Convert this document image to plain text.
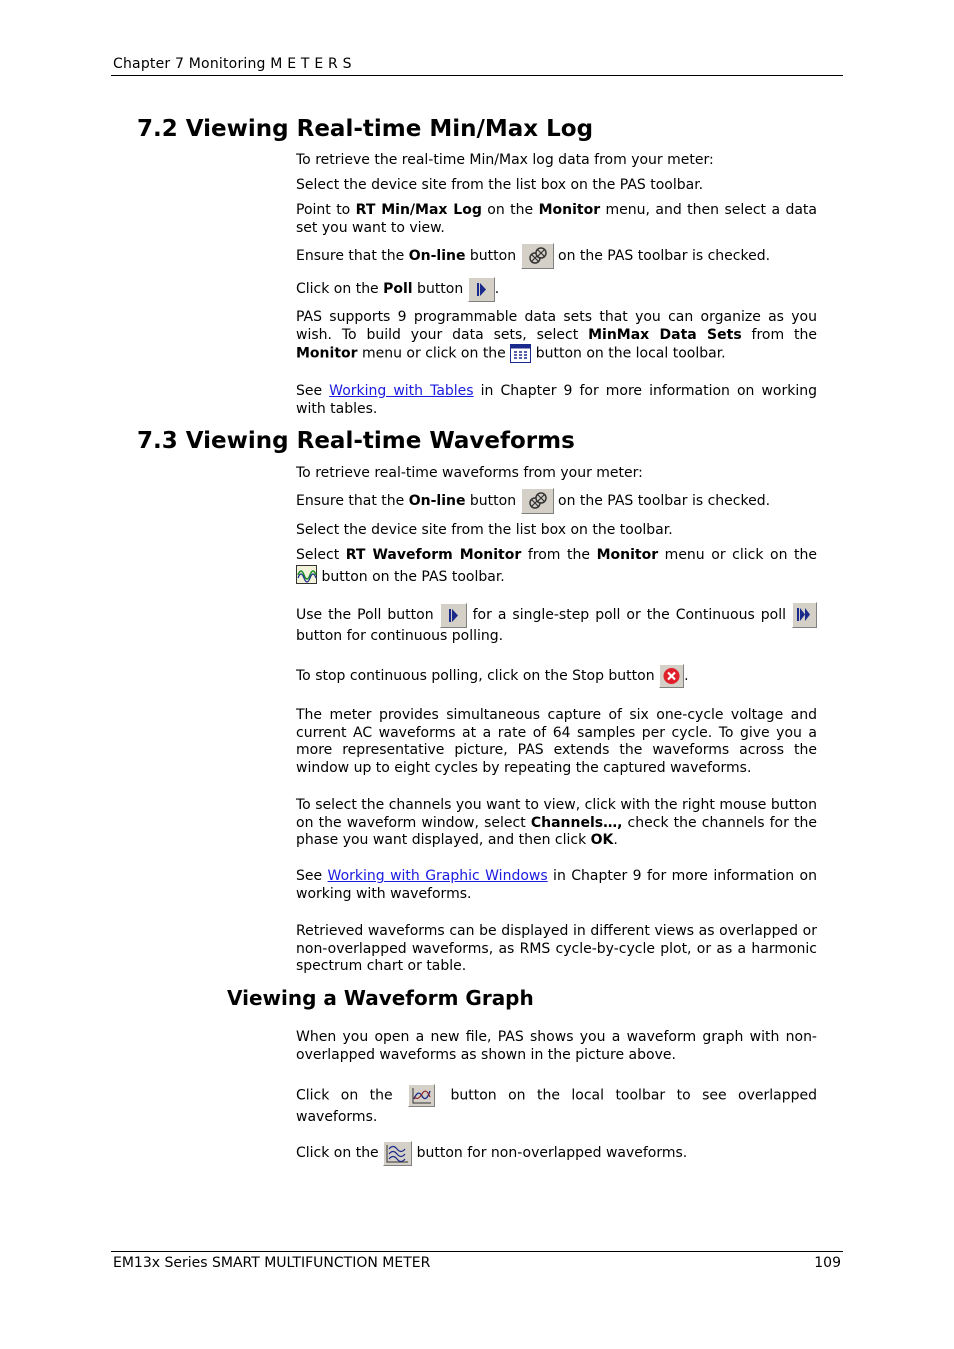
Chapter 7 Monitoring M E T E R S
7.2 Viewing Real-time Min/Max Log
To retrieve the real-time Min/Max log data from your meter:
Select the device site from the list box on the PAS toolbar.
Point to RT Min/Max Log on the Monitor menu, and then select a data set you want to view.
Ensure that the On-line button
on the PAS toolbar is checked.
Click on the Poll button
.
PAS supports 9 programmable data sets that you can organize as you wish. To build your data sets, select MinMax Data Sets from the Monitor menu or click on the
button on the local toolbar.
See Working with Tables in Chapter 9 for more information on working with tables.
7.3 Viewing Real-time Waveforms
To retrieve real-time waveforms from your meter:
Ensure that the On-line button
on the PAS toolbar is checked.
Select the device site from the list box on the toolbar.
Select RT Waveform Monitor from the Monitor menu or click on the
button on the PAS toolbar.
Use the Poll button
for a single-step poll or the Continuous poll
button for continuous polling.
To stop continuous polling, click on the Stop button
.
The meter provides simultaneous capture of six one-cycle voltage and current AC waveforms at a rate of 64 samples per cycle. To give you a more representative picture, PAS extends the waveforms across the window up to eight cycles by repeating the captured waveforms.
To select the channels you want to view, click with the right mouse button on the waveform window, select Channels…, check the channels for the phase you want displayed, and then click OK.
See Working with Graphic Windows in Chapter 9 for more information on working with waveforms.
Retrieved waveforms can be displayed in different views as overlapped or non-overlapped waveforms, as RMS cycle-by-cycle plot, or as a harmonic spectrum chart or table.
Viewing a Waveform Graph
When you open a new file, PAS shows you a waveform graph with non-overlapped waveforms as shown in the picture above.
Click on the	button on the local toolbar to see overlapped waveforms.
Click on the
button for non-overlapped waveforms.
EM13x Series SMART MULTIFUNCTION METER	109
